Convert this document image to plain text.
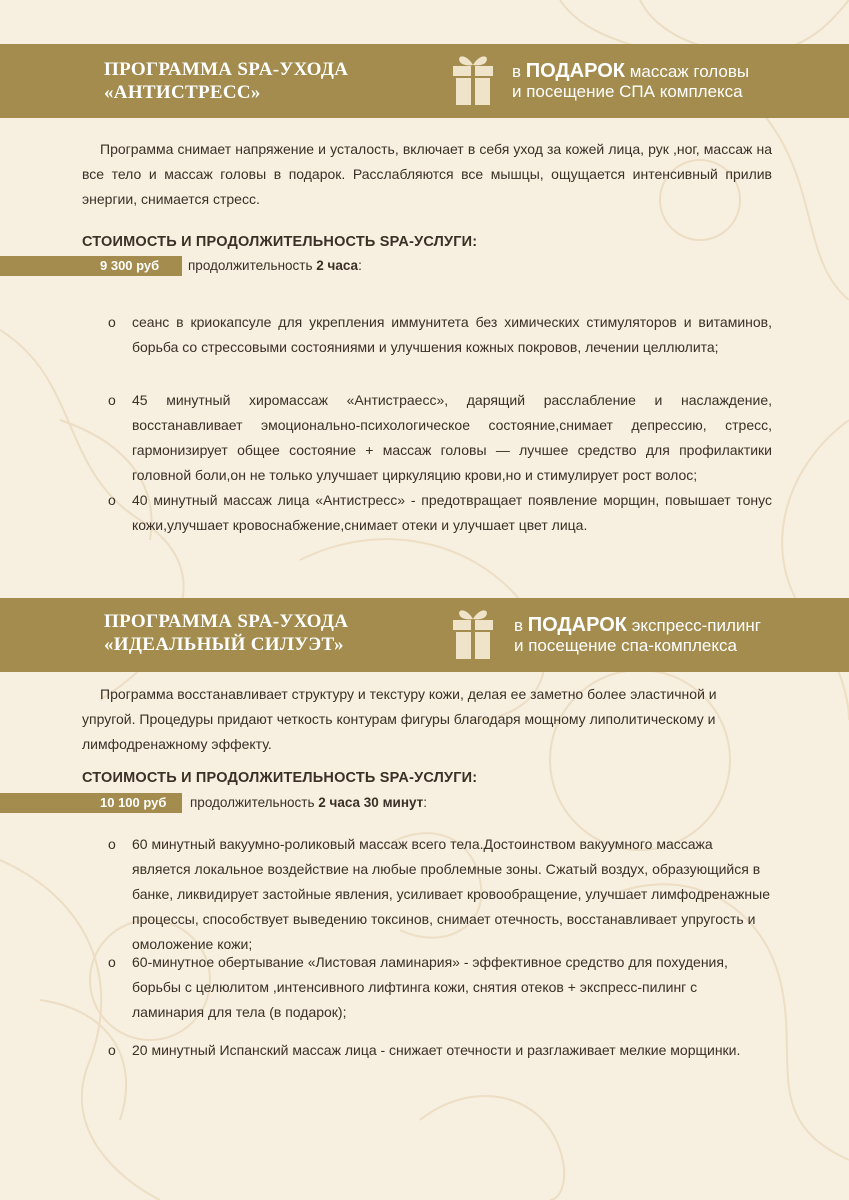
ПРОГРАММА SPA-УХОДА
«АНТИСТРЕСС»
в ПОДАРОК массаж головы
и посещение СПА комплекса

Программа снимает напряжение и усталость, включает в себя уход за кожей лица, рук ,ног, массаж на все тело и массаж головы в подарок. Расслабляются все мышцы, ощущается интенсивный прилив энергии, снимается стресс.

СТОИМОСТЬ И ПРОДОЛЖИТЕЛЬНОСТЬ SPA-УСЛУГИ:
9 300 руб продолжительность 2 часа:
o	сеанс в криокапсуле для укрепления иммунитета без химических стимуляторов и витаминов, борьба со стрессовыми состояниями и улучшения кожных покровов, лечении целлюлита;
o	45 минутный хиромассаж «Антистраесс», дарящий расслабление и наслаждение, восстанавливает эмоционально-психологическое состояние,снимает депрессию, стресс, гармонизирует общее состояние + массаж головы — лучшее средство для профилактики головной боли,он не только улучшает циркуляцию крови,но и стимулирует рост волос;
o	40 минутный массаж лица «Антистресс» - предотвращает появление морщин, повышает тонус кожи,улучшает кровоснабжение,снимает отеки и улучшает цвет лица.
ПРОГРАММА SPA-УХОДА
«ИДЕАЛЬНЫЙ СИЛУЭТ»
в ПОДАРОК экспресс-пилинг
и посещение спа-комплекса

Программа восстанавливает структуру и текстуру кожи, делая ее заметно более эластичной и упругой. Процедуры придают четкость контурам фигуры благодаря мощному липолитическому и лимфодренажному эффекту.

СТОИМОСТЬ И ПРОДОЛЖИТЕЛЬНОСТЬ SPA-УСЛУГИ:
10 100 руб продолжительность 2 часа 30 минут:
o	60 минутный вакуумно-роликовый массаж всего тела.Достоинством вакуумного массажа является локальное воздействие на любые проблемные зоны. Сжатый воздух, образующийся в банке, ликвидирует застойные явления, усиливает кровообращение, улучшает лимфодренажные процессы, способствует выведению токсинов, снимает отечность, восстанавливает упругость и омоложение кожи;
o	60-минутное обертывание «Листовая ламинария» - эффективное средство для похудения, борьбы с целюлитом ,интенсивного лифтинга кожи, снятия отеков + экспресс-пилинг с ламинария для тела (в подарок);
o	20 минутный Испанский массаж лица - снижает отечности и разглаживает мелкие морщинки.
